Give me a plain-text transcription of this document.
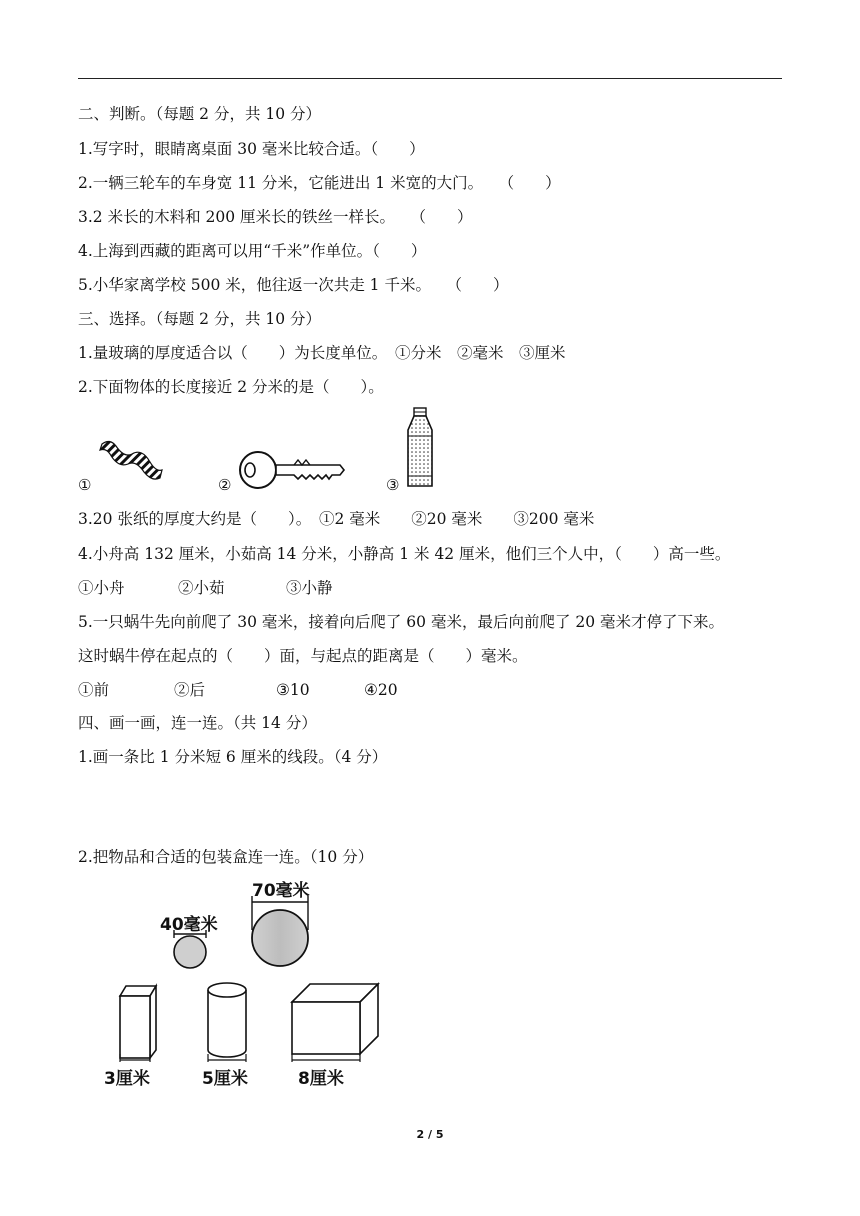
二、判断。（每题 2 分，共 10 分）
1.写字时，眼睛离桌面 30 毫米比较合适。（　　）
2.一辆三轮车的车身宽 11 分米，它能进出 1 米宽的大门。　　（　　）
3.2 米长的木料和 200 厘米长的铁丝一样长。　　（　　）
4.上海到西藏的距离可以用“千米”作单位。（　　）
5.小华家离学校 500 米，他往返一次共走 1 千米。　　（　　）
三、选择。（每题 2 分，共 10 分）
1.量玻璃的厚度适合以（　　）为长度单位。　①分米　②毫米　③厘米
2.下面物体的长度接近 2 分米的是（　　）。
①	②	③
3.20 张纸的厚度大约是（　　）。　①2 毫米　　②20 毫米　　③200 毫米
4.小舟高 132 厘米，小茹高 14 分米，小静高 1 米 42 厘米，他们三个人中，（　　）高一些。
①小舟	②小茹	③小静
5.一只蜗牛先向前爬了 30 毫米，接着向后爬了 60 毫米，最后向前爬了 20 毫米才停了下来。
这时蜗牛停在起点的（　　）面，与起点的距离是（　　）毫米。
①前	②后	③10	④20
四、画一画，连一连。（共 14 分）
1.画一条比 1 分米短 6 厘米的线段。（4 分）
2.把物品和合适的包装盒连一连。（10 分）
40毫米
70毫米
3厘米	5厘米	8厘米
2 / 5
